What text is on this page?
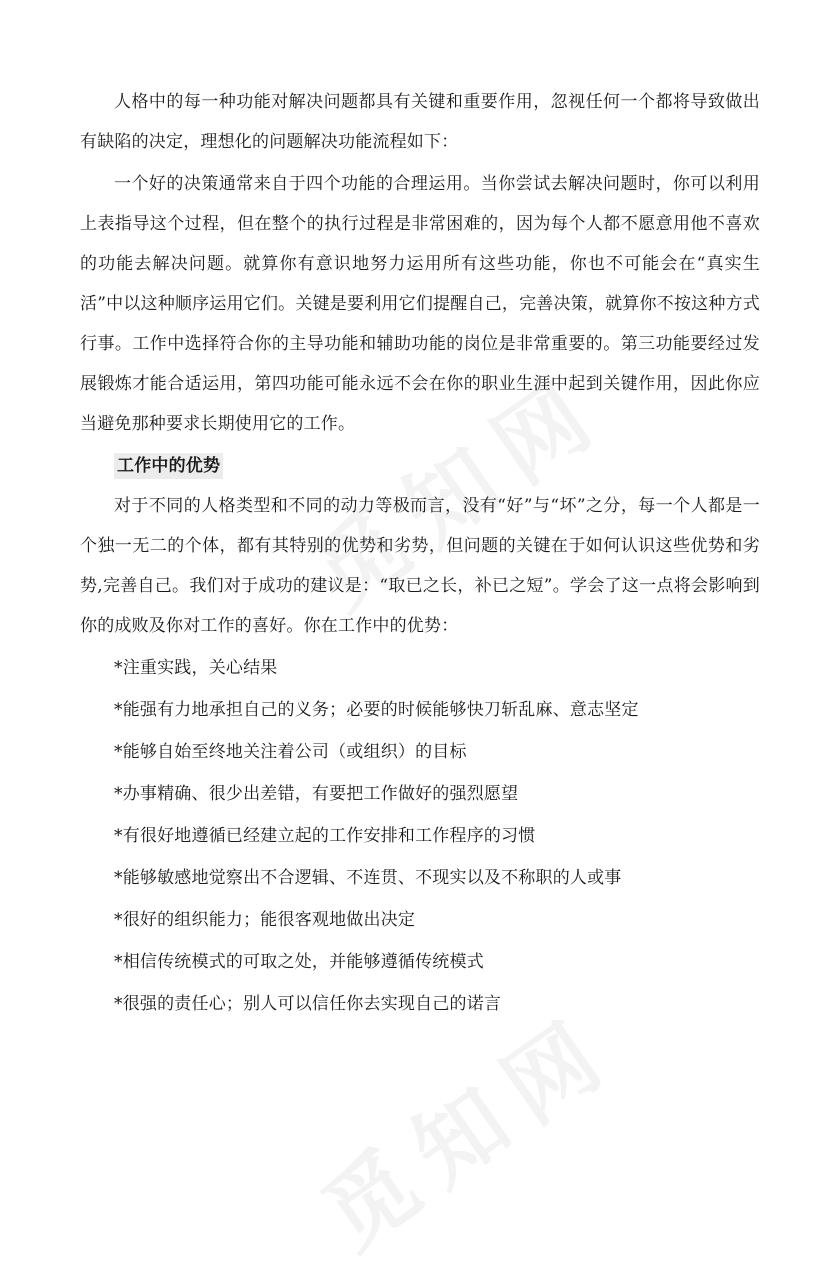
人格中的每一种功能对解决问题都具有关键和重要作用，忽视任何一个都将导致做出有缺陷的决定，理想化的问题解决功能流程如下：

一个好的决策通常来自于四个功能的合理运用。当你尝试去解决问题时，你可以利用上表指导这个过程，但在整个的执行过程是非常困难的，因为每个人都不愿意用他不喜欢的功能去解决问题。就算你有意识地努力运用所有这些功能，你也不可能会在“真实生活”中以这种顺序运用它们。关键是要利用它们提醒自己，完善决策，就算你不按这种方式行事。工作中选择符合你的主导功能和辅助功能的岗位是非常重要的。第三功能要经过发展锻炼才能合适运用，第四功能可能永远不会在你的职业生涯中起到关键作用，因此你应当避免那种要求长期使用它的工作。

工作中的优势

对于不同的人格类型和不同的动力等极而言，没有“好”与“坏”之分，每一个人都是一个独一无二的个体，都有其特别的优势和劣势，但问题的关键在于如何认识这些优势和劣势,完善自己。我们对于成功的建议是：“取已之长，补已之短”。学会了这一点将会影响到你的成败及你对工作的喜好。你在工作中的优势：

*注重实践，关心结果
*能强有力地承担自己的义务；必要的时候能够快刀斩乱麻、意志坚定
*能够自始至终地关注着公司（或组织）的目标
*办事精确、很少出差错，有要把工作做好的强烈愿望
*有很好地遵循已经建立起的工作安排和工作程序的习惯
*能够敏感地觉察出不合逻辑、不连贯、不现实以及不称职的人或事
*很好的组织能力；能很客观地做出决定
*相信传统模式的可取之处，并能够遵循传统模式
*很强的责任心；别人可以信任你去实现自己的诺言
